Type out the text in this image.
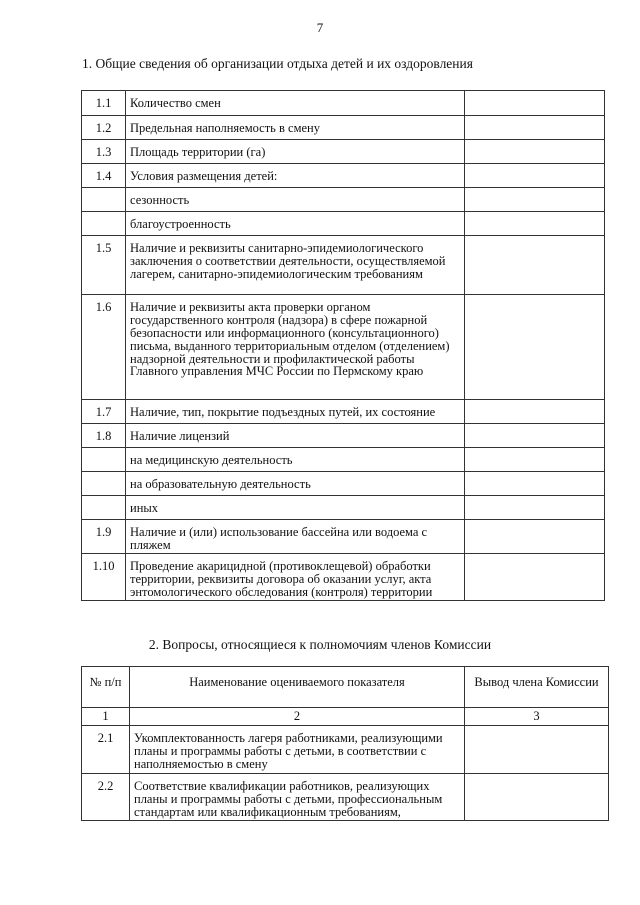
7
1. Общие сведения об организации отдыха детей и их оздоровления
1.1	Количество смен	
1.2	Предельная наполняемость в смену	
1.3	Площадь территории (га)	
1.4	Условия размещения детей:	
	сезонность	
	благоустроенность	
1.5	Наличие и реквизиты санитарно-эпидемиологического заключения о соответствии деятельности, осуществляемой лагерем, санитарно-эпидемиологическим требованиям	
1.6	Наличие и реквизиты акта проверки органом государственного контроля (надзора) в сфере пожарной безопасности или информационного (консультационного) письма, выданного территориальным отделом (отделением) надзорной деятельности и профилактической работы Главного управления МЧС России по Пермскому краю	
1.7	Наличие, тип, покрытие подъездных путей, их состояние	
1.8	Наличие лицензий	
	на медицинскую деятельность	
	на образовательную деятельность	
	иных	
1.9	Наличие и (или) использование бассейна или водоема с пляжем	
1.10	Проведение акарицидной (противоклещевой) обработки территории, реквизиты договора об оказании услуг, акта энтомологического обследования (контроля) территории	
2. Вопросы, относящиеся к полномочиям членов Комиссии
№ п/п	Наименование оцениваемого показателя	Вывод члена Комиссии
1	2	3
2.1	Укомплектованность лагеря работниками, реализующими планы и программы работы с детьми, в соответствии с наполняемостью в смену	
2.2	Соответствие квалификации работников, реализующих планы и программы работы с детьми, профессиональным стандартам или квалификационным требованиям,	
